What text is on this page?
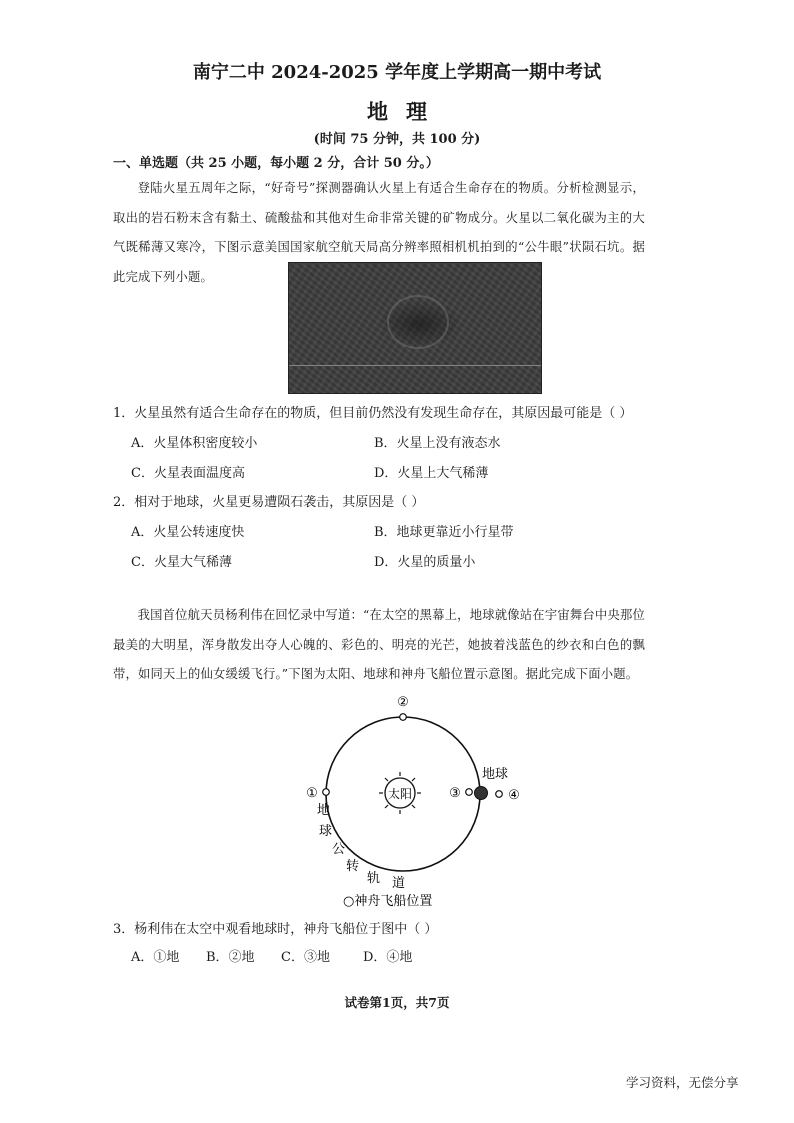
南宁二中 2024-2025 学年度上学期高一期中考试
地理
(时间 75 分钟，共 100 分)
一、单选题（共 25 小题，每小题 2 分，合计 50 分。）
登陆火星五周年之际，“好奇号”探测器确认火星上有适合生命存在的物质。分析检测显示，取出的岩石粉末含有黏土、硫酸盐和其他对生命非常关键的矿物成分。火星以二氧化碳为主的大气既稀薄又寒冷，下图示意美国国家航空航天局高分辨率照相机机拍到的“公牛眼”状陨石坑。据此完成下列小题。
1．火星虽然有适合生命存在的物质，但目前仍然没有发现生命存在，其原因最可能是（ ）
A．火星体积密度较小	B．火星上没有液态水
C．火星表面温度高	D．火星上大气稀薄
2．相对于地球，火星更易遭陨石袭击，其原因是（ ）
A．火星公转速度快	B．地球更靠近小行星带
C．火星大气稀薄	D．火星的质量小
我国首位航天员杨利伟在回忆录中写道：“在太空的黑幕上，地球就像站在宇宙舞台中央那位最美的大明星，浑身散发出夺人心魄的、彩色的、明亮的光芒，她披着浅蓝色的纱衣和白色的飘带，如同天上的仙女缓缓飞行。”下图为太阳、地球和神舟飞船位置示意图。据此完成下面小题。
太阳
①
②
③
地球
④
地
球
公
转
轨 道
○神舟飞船位置
3．杨利伟在太空中观看地球时，神舟飞船位于图中（ ）
A．①地 B．②地 C．③地	D．④地
试卷第1页，共7页
学习资料，无偿分享
